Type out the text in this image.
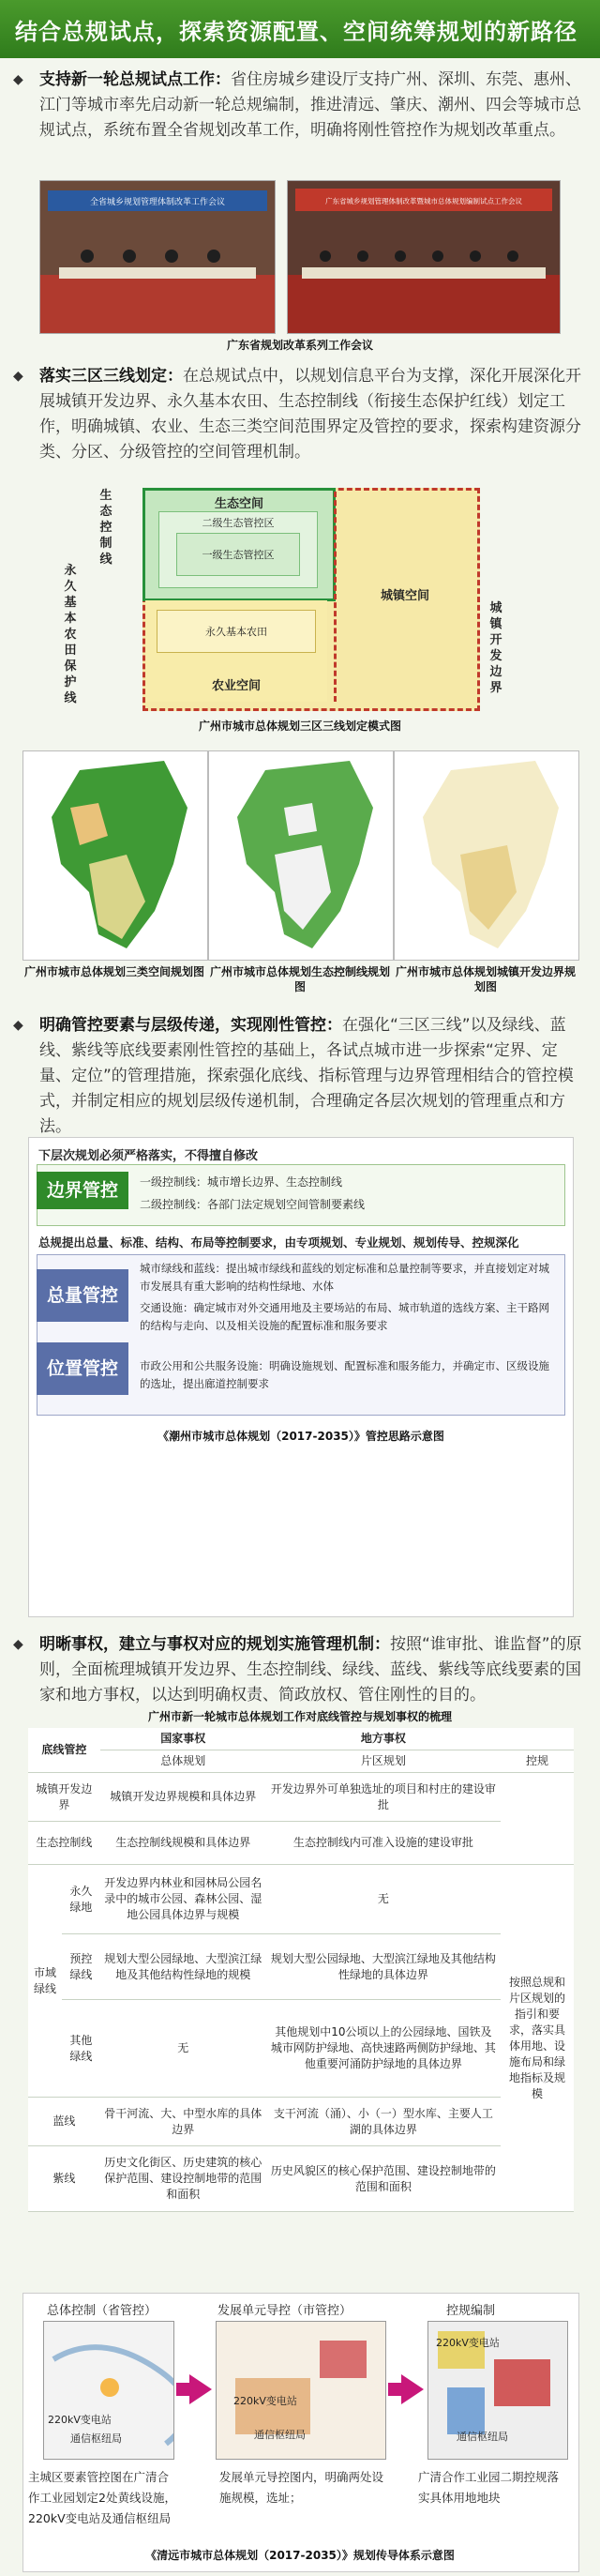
结合总规试点，探索资源配置、空间统筹规划的新路径
◆	支持新一轮总规试点工作：省住房城乡建设厅支持广州、深圳、东莞、惠州、江门等城市率先启动新一轮总规编制，推进清远、肇庆、潮州、四会等城市总规试点，系统布置全省规划改革工作，明确将刚性管控作为规划改革重点。
全省城乡规划管理体制改革工作会议	广东省城乡规划管理体制改革暨城市总体规划编制试点工作会议
广东省规划改革系列工作会议
◆	落实三区三线划定：在总规试点中，以规划信息平台为支撑，深化开展深化开展城镇开发边界、永久基本农田、生态控制线（衔接生态保护红线）划定工作，明确城镇、农业、生态三类空间范围界定及管控的要求，探索构建资源分类、分区、分级管控的空间管理机制。
生态控制线
永久基本农田保护线
城镇开发边界
生态空间
二级生态管控区
一级生态管控区
永久基本农田
农业空间
城镇空间
广州市城市总体规划三区三线划定模式图
广州市城市总体规划三类空间规划图 广州市城市总体规划生态控制线规划图
广州市城市总体规划城镇开发边界规划图
◆	明确管控要素与层级传递，实现刚性管控：在强化“三区三线”以及绿线、蓝线、紫线等底线要素刚性管控的基础上，各试点城市进一步探索“定界、定量、定位”的管理措施，探索强化底线、指标管理与边界管理相结合的管控模式，并制定相应的规划层级传递机制，合理确定各层次规划的管理重点和方法。
下层次规划必须严格落实，不得擅自修改
边界管控	一级控制线：城市增长边界、生态控制线
二级控制线：各部门法定规划空间管制要素线
总规提出总量、标准、结构、布局等控制要求，由专项规划、专业规划、规划传导、控规深化
总量管控
位置管控
城市绿线和蓝线：提出城市绿线和蓝线的划定标准和总量控制等要求，并直接划定对城市发展具有重大影响的结构性绿地、水体
交通设施：确定城市对外交通用地及主要场站的布局、城市轨道的选线方案、主干路网的结构与走向、以及相关设施的配置标准和服务要求
市政公用和公共服务设施：明确设施规划、配置标准和服务能力，并确定市、区级设施的选址，提出廊道控制要求
《潮州市城市总体规划（2017-2035）》管控思路示意图
◆	明晰事权，建立与事权对应的规划实施管理机制：按照“谁审批、谁监督”的原则，全面梳理城镇开发边界、生态控制线、绿线、蓝线、紫线等底线要素的国家和地方事权，以达到明确权责、简政放权、管住刚性的目的。
广州市新一轮城市总体规划工作对底线管控与规划事权的梳理
底线管控		国家事权	地方事权	
		总体规划	片区规划	控规
城镇开发边界		城镇开发边界规模和具体边界	开发边界外可单独选址的项目和村庄的建设审批	
生态控制线		生态控制线规模和具体边界	生态控制线内可准入设施的建设审批	
市域绿线	永久绿地	开发边界内林业和园林局公园名录中的城市公园、森林公园、湿地公园具体边界与规模	无	按照总规和片区规划的指引和要求，落实具体用地、设施布局和绿地指标及规模
	预控绿线	规划大型公园绿地、大型滨江绿地及其他结构性绿地的规模	规划大型公园绿地、大型滨江绿地及其他结构性绿地的具体边界	
	其他绿线	无	其他规划中10公顷以上的公园绿地、国铁及城市网防护绿地、高快速路两侧防护绿地、其他重要河涌防护绿地的具体边界	
蓝线		骨干河流、大、中型水库的具体边界	支干河流（涌）、小（一）型水库、主要人工湖的具体边界	
紫线		历史文化街区、历史建筑的核心保护范围、建设控制地带的范围和面积	历史风貌区的核心保护范围、建设控制地带的范围和面积	
总体控制（省管控）	发展单元导控（市管控）	控规编制
220kV变电站
通信枢纽局
220kV变电站
通信枢纽局
220kV变电站
通信枢纽局
主城区要素管控图在广清合作工业园划定2处黄线设施，220kV变电站及通信枢纽局
发展单元导控图内，明确两处设施规模，选址；
广清合作工业园二期控规落实具体用地地块
《清远市城市总体规划（2017-2035）》规划传导体系示意图
